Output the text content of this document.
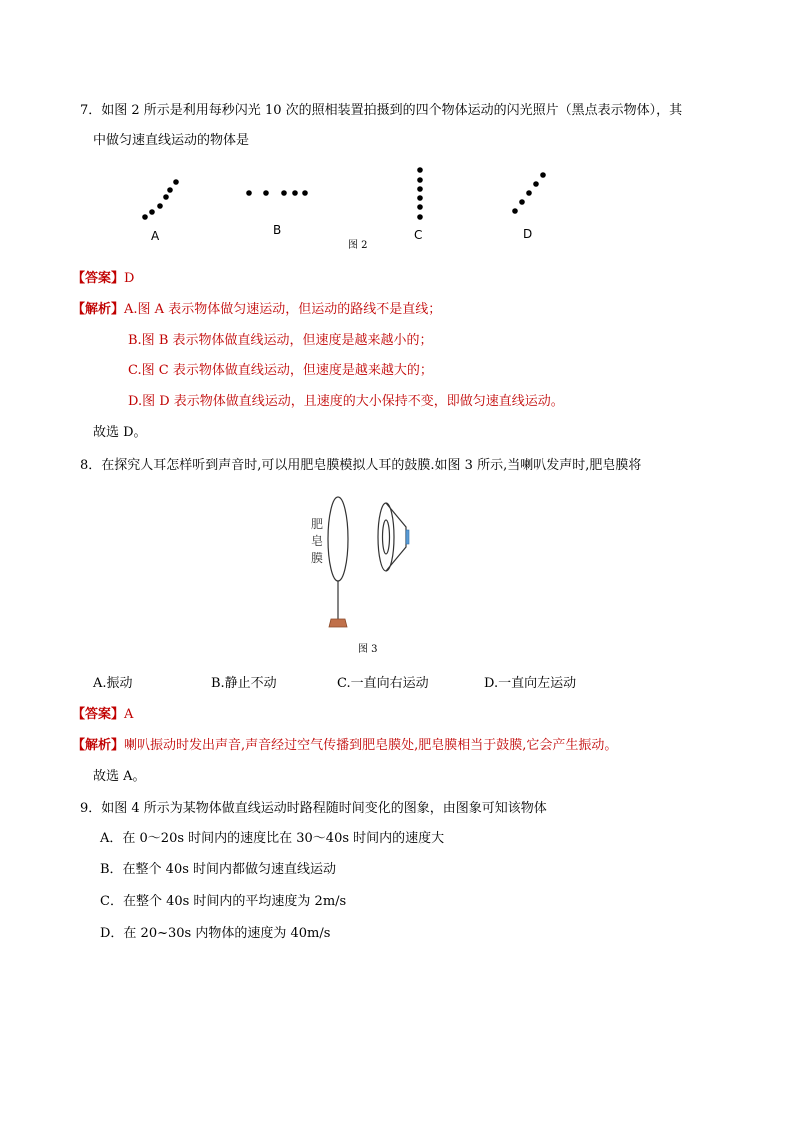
7．如图 2 所示是利用每秒闪光 10 次的照相装置拍摄到的四个物体运动的闪光照片（黑点表示物体），其
中做匀速直线运动的物体是
A	B	C	D
图 2
【答案】D
【解析】A.图 A 表示物体做匀速运动，但运动的路线不是直线；
B.图 B 表示物体做直线运动，但速度是越来越小的；
C.图 C 表示物体做直线运动，但速度是越来越大的；
D.图 D 表示物体做直线运动，且速度的大小保持不变，即做匀速直线运动。
故选 D。
8．在探究人耳怎样听到声音时,可以用肥皂膜模拟人耳的鼓膜.如图 3 所示,当喇叭发声时,肥皂膜将
肥
皂
膜
图 3
A.振动	B.静止不动	C.一直向右运动	D.一直向左运动
【答案】A
【解析】喇叭振动时发出声音,声音经过空气传播到肥皂膜处,肥皂膜相当于鼓膜,它会产生振动。
故选 A。
9．如图 4 所示为某物体做直线运动时路程随时间变化的图象，由图象可知该物体
A．在 0～20s 时间内的速度比在 30～40s 时间内的速度大
B．在整个 40s 时间内都做匀速直线运动
C．在整个 40s 时间内的平均速度为 2m/s
D．在 20~30s 内物体的速度为 40m/s
